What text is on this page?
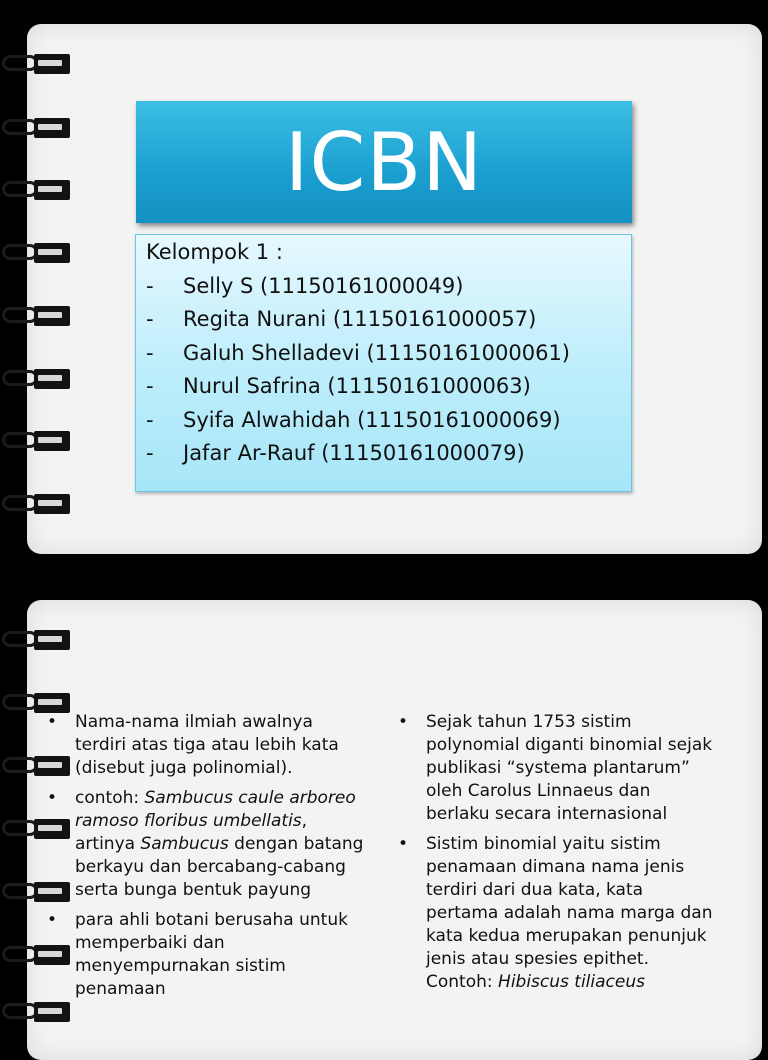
ICBN
Kelompok 1 :
- Selly S (11150161000049)
- Regita Nurani (11150161000057)
- Galuh Shelladevi (11150161000061)
- Nurul Safrina (11150161000063)
- Syifa Alwahidah (11150161000069)
- Jafar Ar-Rauf (11150161000079)
• Nama-nama ilmiah awalnya terdiri atas tiga atau lebih kata (disebut juga polinomial).
• contoh: Sambucus caule arboreo ramoso floribus umbellatis, artinya Sambucus dengan batang berkayu dan bercabang-cabang serta bunga bentuk payung
• para ahli botani berusaha untuk memperbaiki dan menyempurnakan sistim penamaan
• Sejak tahun 1753 sistim polynomial diganti binomial sejak publikasi “systema plantarum” oleh Carolus Linnaeus dan berlaku secara internasional
• Sistim binomial yaitu sistim penamaan dimana nama jenis terdiri dari dua kata, kata pertama adalah nama marga dan kata kedua merupakan penunjuk jenis atau spesies epithet. Contoh: Hibiscus tiliaceus
